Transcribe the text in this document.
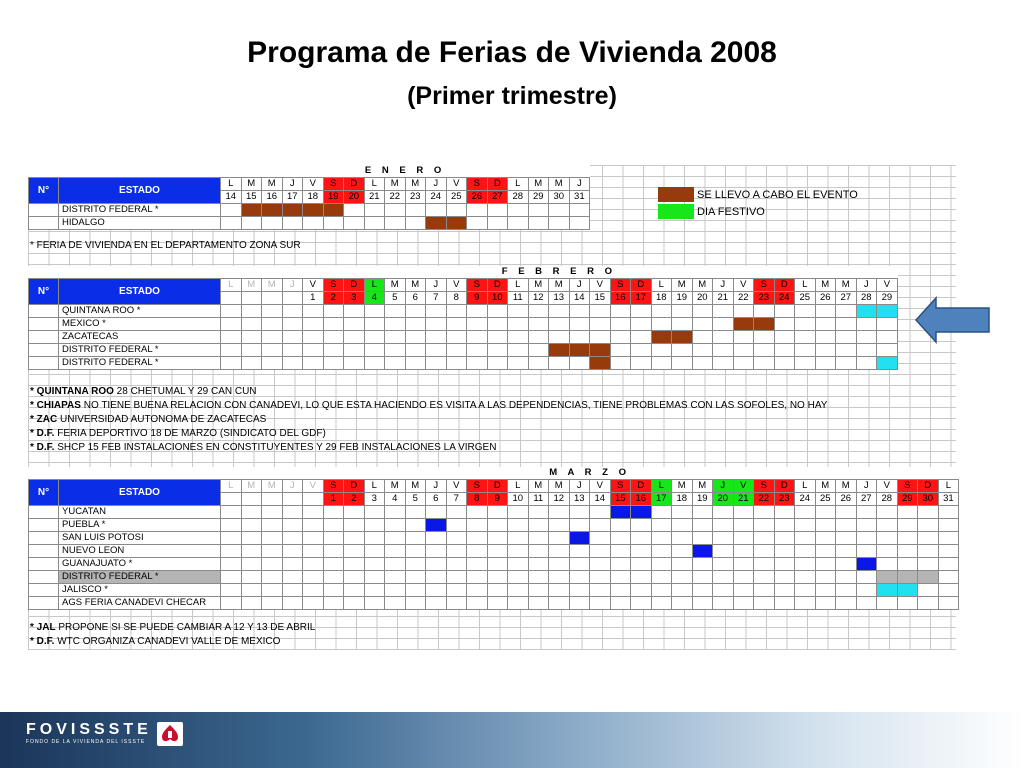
Programa de Ferias de Vivienda 2008
(Primer trimestre)
		E N E R O																	
N°	ESTADO	L	M	M	J	V	S	D	L	M	M	J	V	S	D	L	M	M	J
		14	15	16	17	18	19	20	21	22	23	24	25	26	27	28	29	30	31
	DISTRITO FEDERAL *																		
	HIDALGO																		
		F E B R E R O																																
N°	ESTADO	L	M	M	J	V	S	D	L	M	M	J	V	S	D	L	M	M	J	V	S	D	L	M	M	J	V	S	D	L	M	M	J	V
						1	2	3	4	5	6	7	8	9	10	11	12	13	14	15	16	17	18	19	20	21	22	23	24	25	26	27	28	29
	QUINTANA ROO *																																	
	MEXICO *																																	
	ZACATECAS																																	
	DISTRITO FEDERAL *																																	
	DISTRITO FEDERAL *																																	
		M A R Z O																																			
N°	ESTADO	L	M	M	J	V	S	D	L	M	M	J	V	S	D	L	M	M	J	V	S	D	L	M	M	J	V	S	D	L	M	M	J	V	S	D	L
							1	2	3	4	5	6	7	8	9	10	11	12	13	14	15	16	17	18	19	20	21	22	23	24	25	26	27	28	29	30	31
	YUCATAN																																				
	PUEBLA *																																				
	SAN LUIS POTOSI																																				
	NUEVO LEON																																				
	GUANAJUATO *																																				
	DISTRITO FEDERAL *																																				
	JALISCO *																																				
	AGS FERIA CANADEVI CHECAR																																				
* FERIA DE VIVIENDA EN EL DEPARTAMENTO ZONA SUR
* QUINTANA ROO 28 CHETUMAL Y 29 CAN CUN
* CHIAPAS NO TIENE BUENA RELACION CON CANADEVI, LO QUE ESTA HACIENDO ES VISITA A LAS DEPENDENCIAS, TIENE PROBLEMAS CON LAS SOFOLES, NO HAY
* ZAC UNIVERSIDAD AUTONOMA DE ZACATECAS
* D.F. FERIA DEPORTIVO 18 DE MARZO (SINDICATO DEL GDF)
* D.F. SHCP 15 FEB INSTALACIONES EN CONSTITUYENTES Y 29 FEB INSTALACIONES LA VIRGEN
* JAL PROPONE SI SE PUEDE CAMBIAR A 12 Y 13 DE ABRIL
* D.F. WTC ORGANIZA CANADEVI VALLE DE MEXICO
SE LLEVO A CABO EL EVENTO
DIA FESTIVO
FOVISSSTE
FONDO DE LA VIVIENDA DEL ISSSTE
